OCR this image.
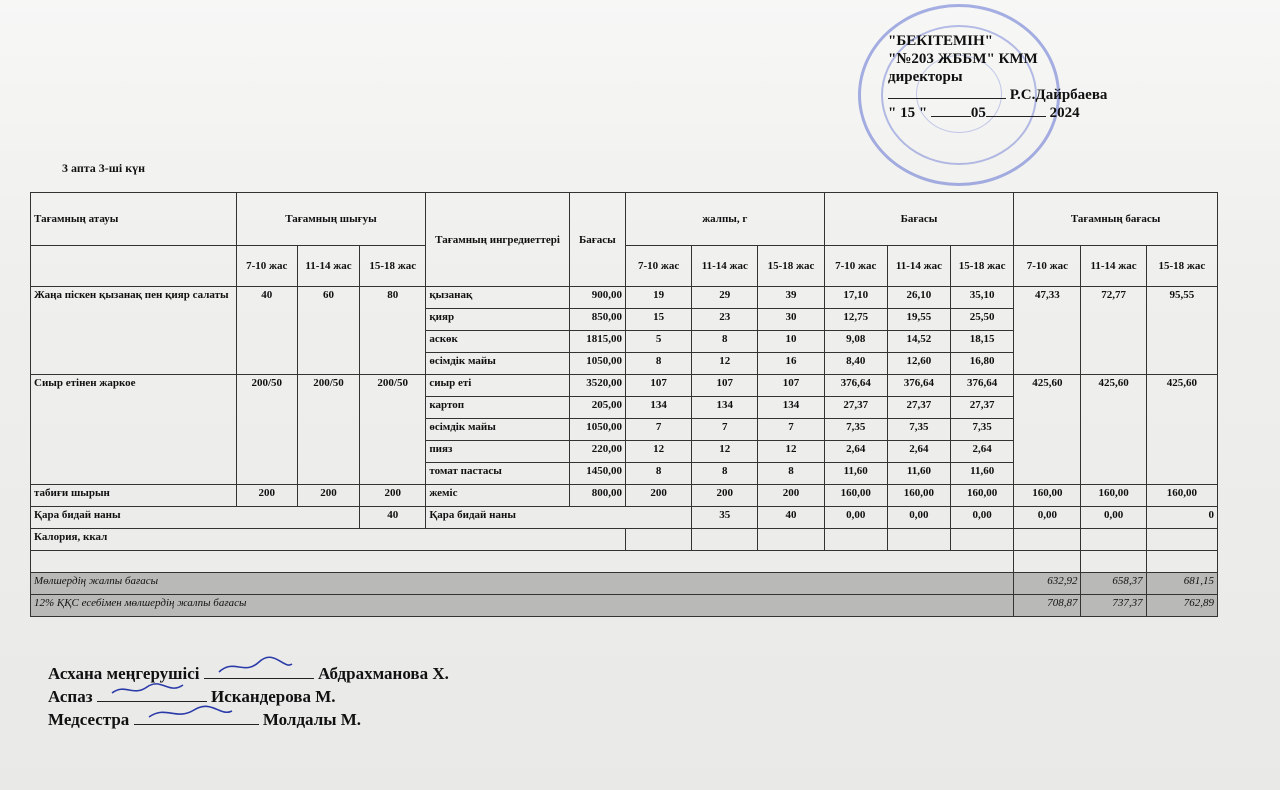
"БЕКІТЕМІН"
"№203 ЖББМ" КММ
директоры
Р.С.Дайрбаева
" 15 "	05	2024
3 апта 3-ші күн
Тағамның атауы	Тағамның шығуы			Тағамның ингредиеттері	Бағасы	жалпы, г			Бағасы			Тағамның бағасы		
	7-10 жас	11-14 жас	15-18 жас			7-10 жас	11-14 жас	15-18 жас	7-10 жас	11-14 жас	15-18 жас	7-10 жас	11-14 жас	15-18 жас
Жаңа піскен қызанақ пен қияр салаты	40	60	80	қызанақ	900,00	19	29	39	17,10	26,10	35,10	47,33	72,77	95,55
				қияр	850,00	15	23	30	12,75	19,55	25,50			
				аскөк	1815,00	5	8	10	9,08	14,52	18,15			
				өсімдік майы	1050,00	8	12	16	8,40	12,60	16,80			
Сиыр етінен жаркое	200/50	200/50	200/50	сиыр еті	3520,00	107	107	107	376,64	376,64	376,64	425,60	425,60	425,60
				картоп	205,00	134	134	134	27,37	27,37	27,37			
				өсімдік майы	1050,00	7	7	7	7,35	7,35	7,35			
				пияз	220,00	12	12	12	2,64	2,64	2,64			
				томат пастасы	1450,00	8	8	8	11,60	11,60	11,60			
табиғи шырын	200	200	200	жеміс	800,00	200	200	200	160,00	160,00	160,00	160,00	160,00	160,00
Қара бидай наны			40	Қара бидай наны			35	40	0,00	0,00	0,00	0,00	0,00	0
Калория, ккал														

Мөлшердің жалпы бағасы												632,92	658,37	681,15
12% ҚҚС есебімен мөлшердің жалпы бағасы												708,87	737,37	762,89
Асхана меңгерушісі	Абдрахманова Х.
Аспаз	Искандерова М.
Медсестра	Молдалы М.
